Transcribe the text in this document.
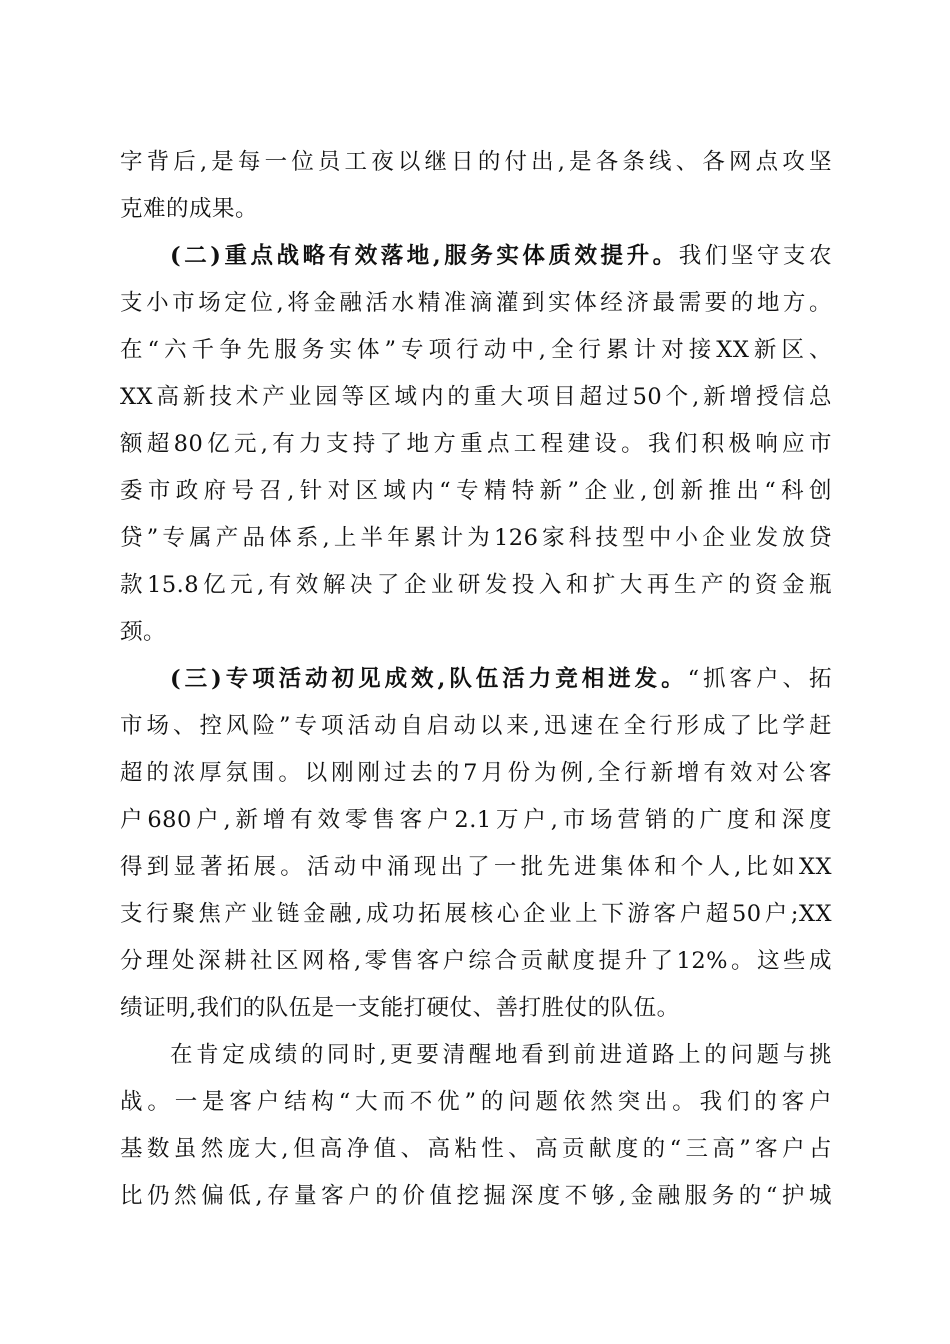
字背后,是每一位员工夜以继日的付出,是各条线、各网点攻坚
克难的成果。
(二)重点战略有效落地,服务实体质效提升。我们坚守支农
支小市场定位,将金融活水精准滴灌到实体经济最需要的地方。
在“六千争先服务实体”专项行动中,全行累计对接XX新区、
XX高新技术产业园等区域内的重大项目超过50个,新增授信总
额超80亿元,有力支持了地方重点工程建设。我们积极响应市
委市政府号召,针对区域内“专精特新”企业,创新推出“科创
贷”专属产品体系,上半年累计为126家科技型中小企业发放贷
款15.8亿元,有效解决了企业研发投入和扩大再生产的资金瓶
颈。
(三)专项活动初见成效,队伍活力竞相迸发。“抓客户、拓
市场、控风险”专项活动自启动以来,迅速在全行形成了比学赶
超的浓厚氛围。以刚刚过去的7月份为例,全行新增有效对公客
户680户,新增有效零售客户2.1万户,市场营销的广度和深度
得到显著拓展。活动中涌现出了一批先进集体和个人,比如XX
支行聚焦产业链金融,成功拓展核心企业上下游客户超50户;XX
分理处深耕社区网格,零售客户综合贡献度提升了12%。这些成
绩证明,我们的队伍是一支能打硬仗、善打胜仗的队伍。
在肯定成绩的同时,更要清醒地看到前进道路上的问题与挑
战。一是客户结构“大而不优”的问题依然突出。我们的客户
基数虽然庞大,但高净值、高粘性、高贡献度的“三高”客户占
比仍然偏低,存量客户的价值挖掘深度不够,金融服务的“护城
